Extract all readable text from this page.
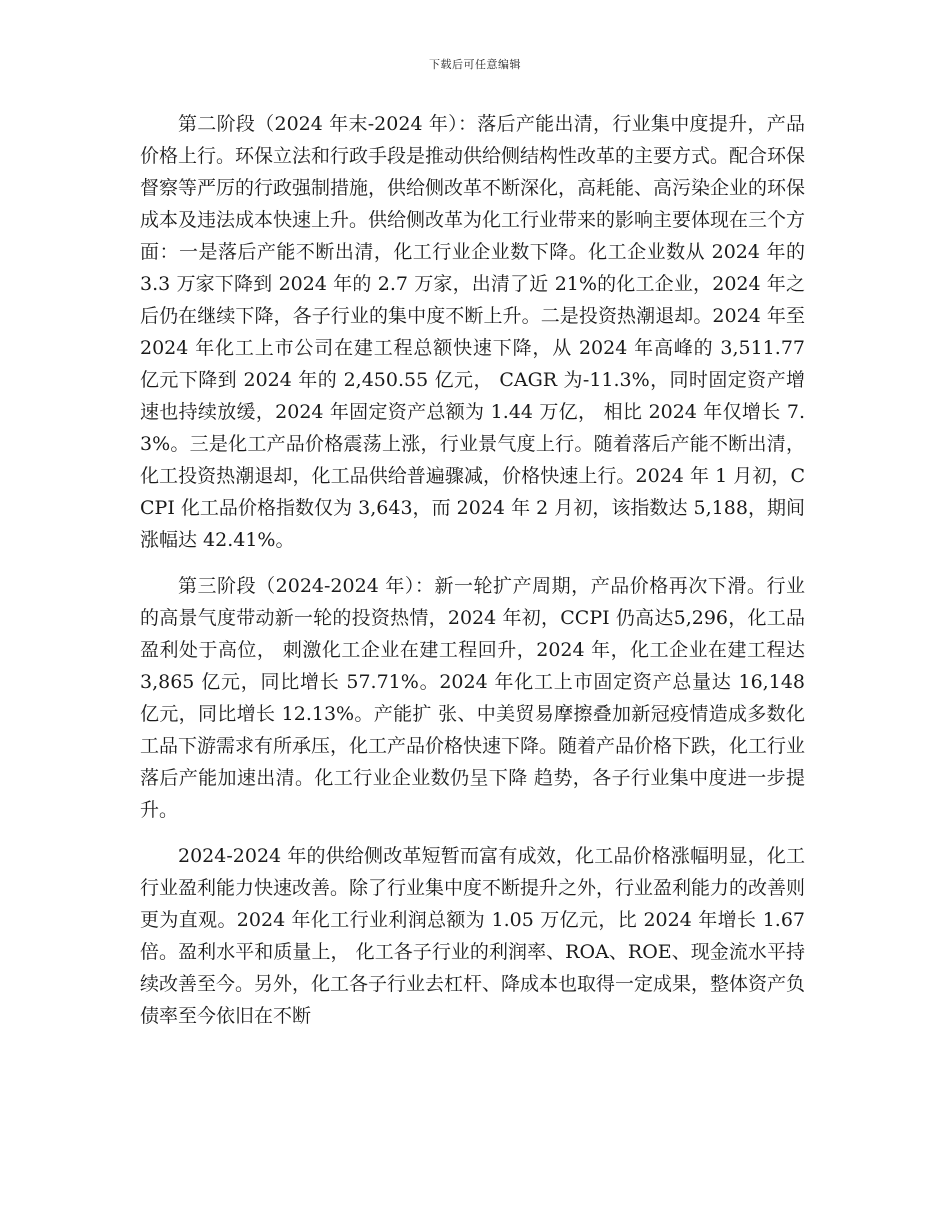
下载后可任意编辑

第二阶段（2024 年末-2024 年）：落后产能出清，行业集中度提升，产品价格上行。环保立法和行政手段是推动供给侧结构性改革的主要方式。配合环保督察等严厉的行政强制措施，供给侧改革不断深化，高耗能、高污染企业的环保成本及违法成本快速上升。供给侧改革为化工行业带来的影响主要体现在三个方面：一是落后产能不断出清，化工行业企业数下降。化工企业数从 2024 年的 3.3 万家下降到 2024 年的 2.7 万家，出清了近 21%的化工企业，2024 年之后仍在继续下降，各子行业的集中度不断上升。二是投资热潮退却。2024 年至 2024 年化工上市公司在建工程总额快速下降，从 2024 年高峰的 3,511.77 亿元下降到 2024 年的 2,450.55 亿元， CAGR 为-11.3%，同时固定资产增速也持续放缓，2024 年固定资产总额为 1.44 万亿， 相比 2024 年仅增长 7.3%。三是化工产品价格震荡上涨，行业景气度上行。随着落后产能不断出清，化工投资热潮退却，化工品供给普遍骤减，价格快速上行。2024 年 1 月初，CCPI 化工品价格指数仅为 3,643，而 2024 年 2 月初，该指数达 5,188，期间 涨幅达 42.41%。

第三阶段（2024-2024 年）：新一轮扩产周期，产品价格再次下滑。行业的高景气度带动新一轮的投资热情，2024 年初，CCPI 仍高达5,296，化工品盈利处于高位， 刺激化工企业在建工程回升，2024 年，化工企业在建工程达 3,865 亿元，同比增长 57.71%。2024 年化工上市固定资产总量达 16,148 亿元，同比增长 12.13%。产能扩 张、中美贸易摩擦叠加新冠疫情造成多数化工品下游需求有所承压，化工产品价格快速下降。随着产品价格下跌，化工行业落后产能加速出清。化工行业企业数仍呈下降 趋势，各子行业集中度进一步提升。

2024-2024 年的供给侧改革短暂而富有成效，化工品价格涨幅明显，化工行业盈利能力快速改善。除了行业集中度不断提升之外，行业盈利能力的改善则更为直观。2024 年化工行业利润总额为 1.05 万亿元，比 2024 年增长 1.67 倍。盈利水平和质量上， 化工各子行业的利润率、ROA、ROE、现金流水平持续改善至今。另外，化工各子行业去杠杆、降成本也取得一定成果，整体资产负债率至今依旧在不断
